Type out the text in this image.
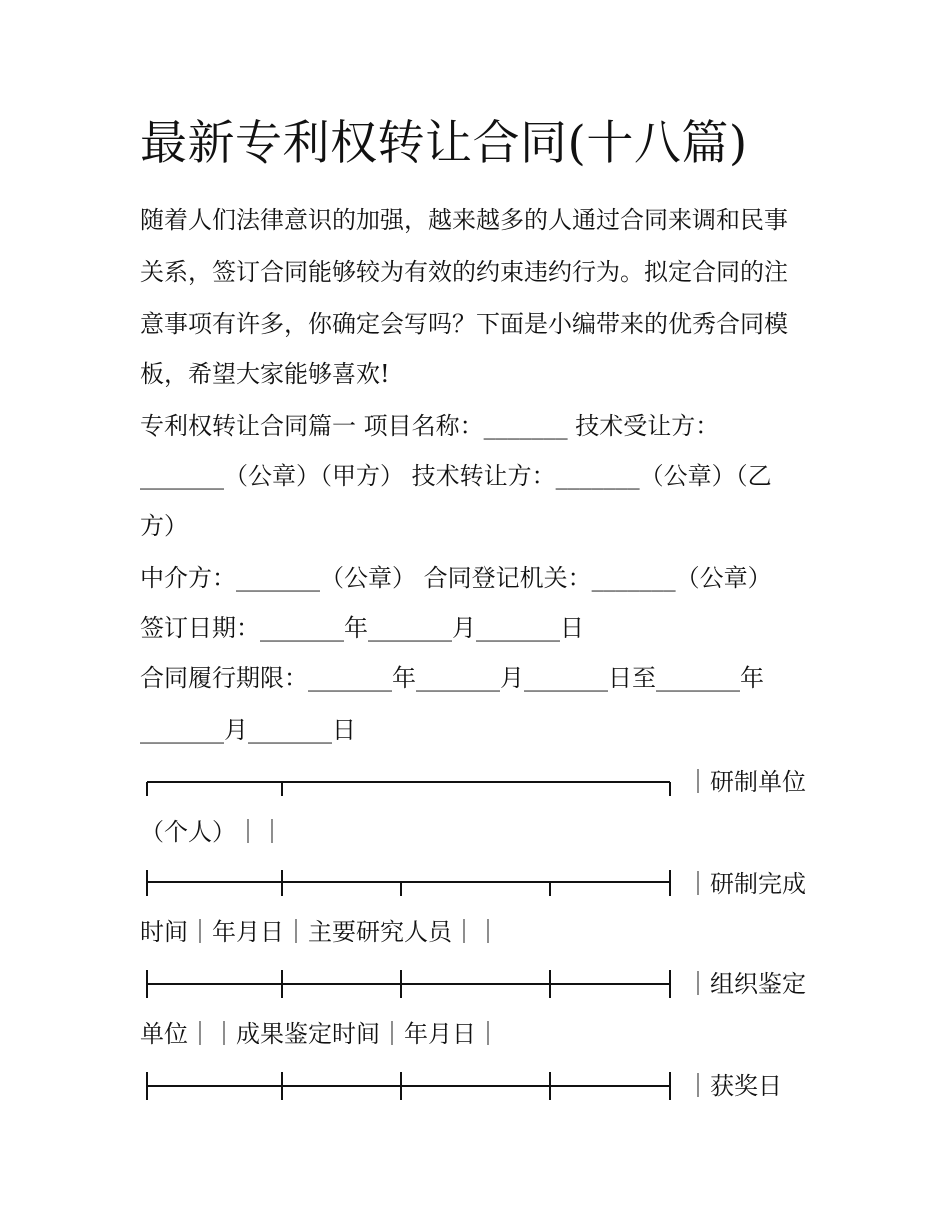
最新专利权转让合同(十八篇)
随着人们法律意识的加强，越来越多的人通过合同来调和民事
关系，签订合同能够较为有效的约束违约行为。拟定合同的注
意事项有许多，你确定会写吗？下面是小编带来的优秀合同模
板，希望大家能够喜欢!
专利权转让合同篇一 项目名称：_______ 技术受让方：
_______（公章）（甲方） 技术转让方：_______（公章）（乙
方）
中介方：_______（公章） 合同登记机关：_______（公章）
签订日期：_______年_______月_______日
合同履行期限：_______年_______月_______日至_______年
_______月_______日
｜研制单位
（个人）｜｜
｜研制完成
时间｜年月日｜主要研究人员｜｜
｜组织鉴定
单位｜｜成果鉴定时间｜年月日｜
｜获奖日
